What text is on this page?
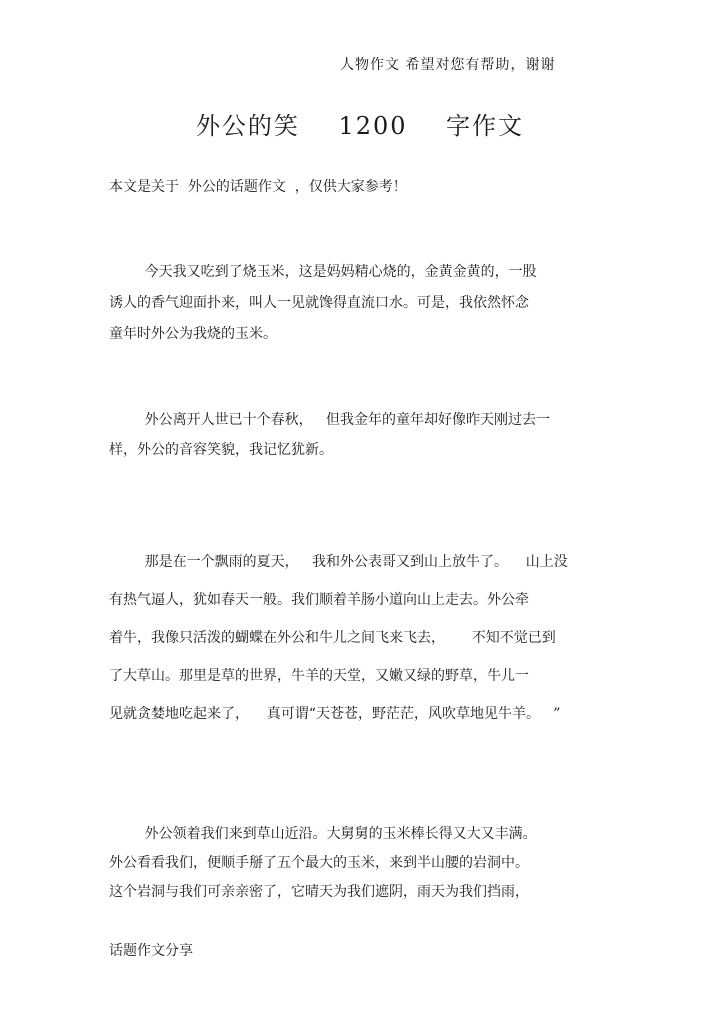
人物作文 希望对您有帮助，谢谢
外公的笑    1200    字作文
本文是关于  外公的话题作文  ，仅供大家参考！
今天我又吃到了烧玉米，这是妈妈精心烧的，金黄金黄的，一股
诱人的香气迎面扑来，叫人一见就馋得直流口水。可是，我依然怀念
童年时外公为我烧的玉米。
外公离开人世已十个春秋，   但我金年的童年却好像昨天刚过去一
样，外公的音容笑貌，我记忆犹新。
那是在一个飘雨的夏天，   我和外公表哥又到山上放牛了。    山上没
有热气逼人，犹如春天一般。我们顺着羊肠小道向山上走去。外公牵
着牛，我像只活泼的蝴蝶在外公和牛儿之间飞来飞去，      不知不觉已到
了大草山。那里是草的世界，牛羊的天堂，又嫩又绿的野草，牛儿一
见就贪婪地吃起来了，    真可谓“天苍苍，野茫茫，风吹草地见牛羊。   ”
外公领着我们来到草山近沿。大舅舅的玉米棒长得又大又丰满。
外公看看我们，便顺手掰了五个最大的玉米，来到半山腰的岩洞中。
这个岩洞与我们可亲亲密了，它晴天为我们遮阴，雨天为我们挡雨，
话题作文分享
